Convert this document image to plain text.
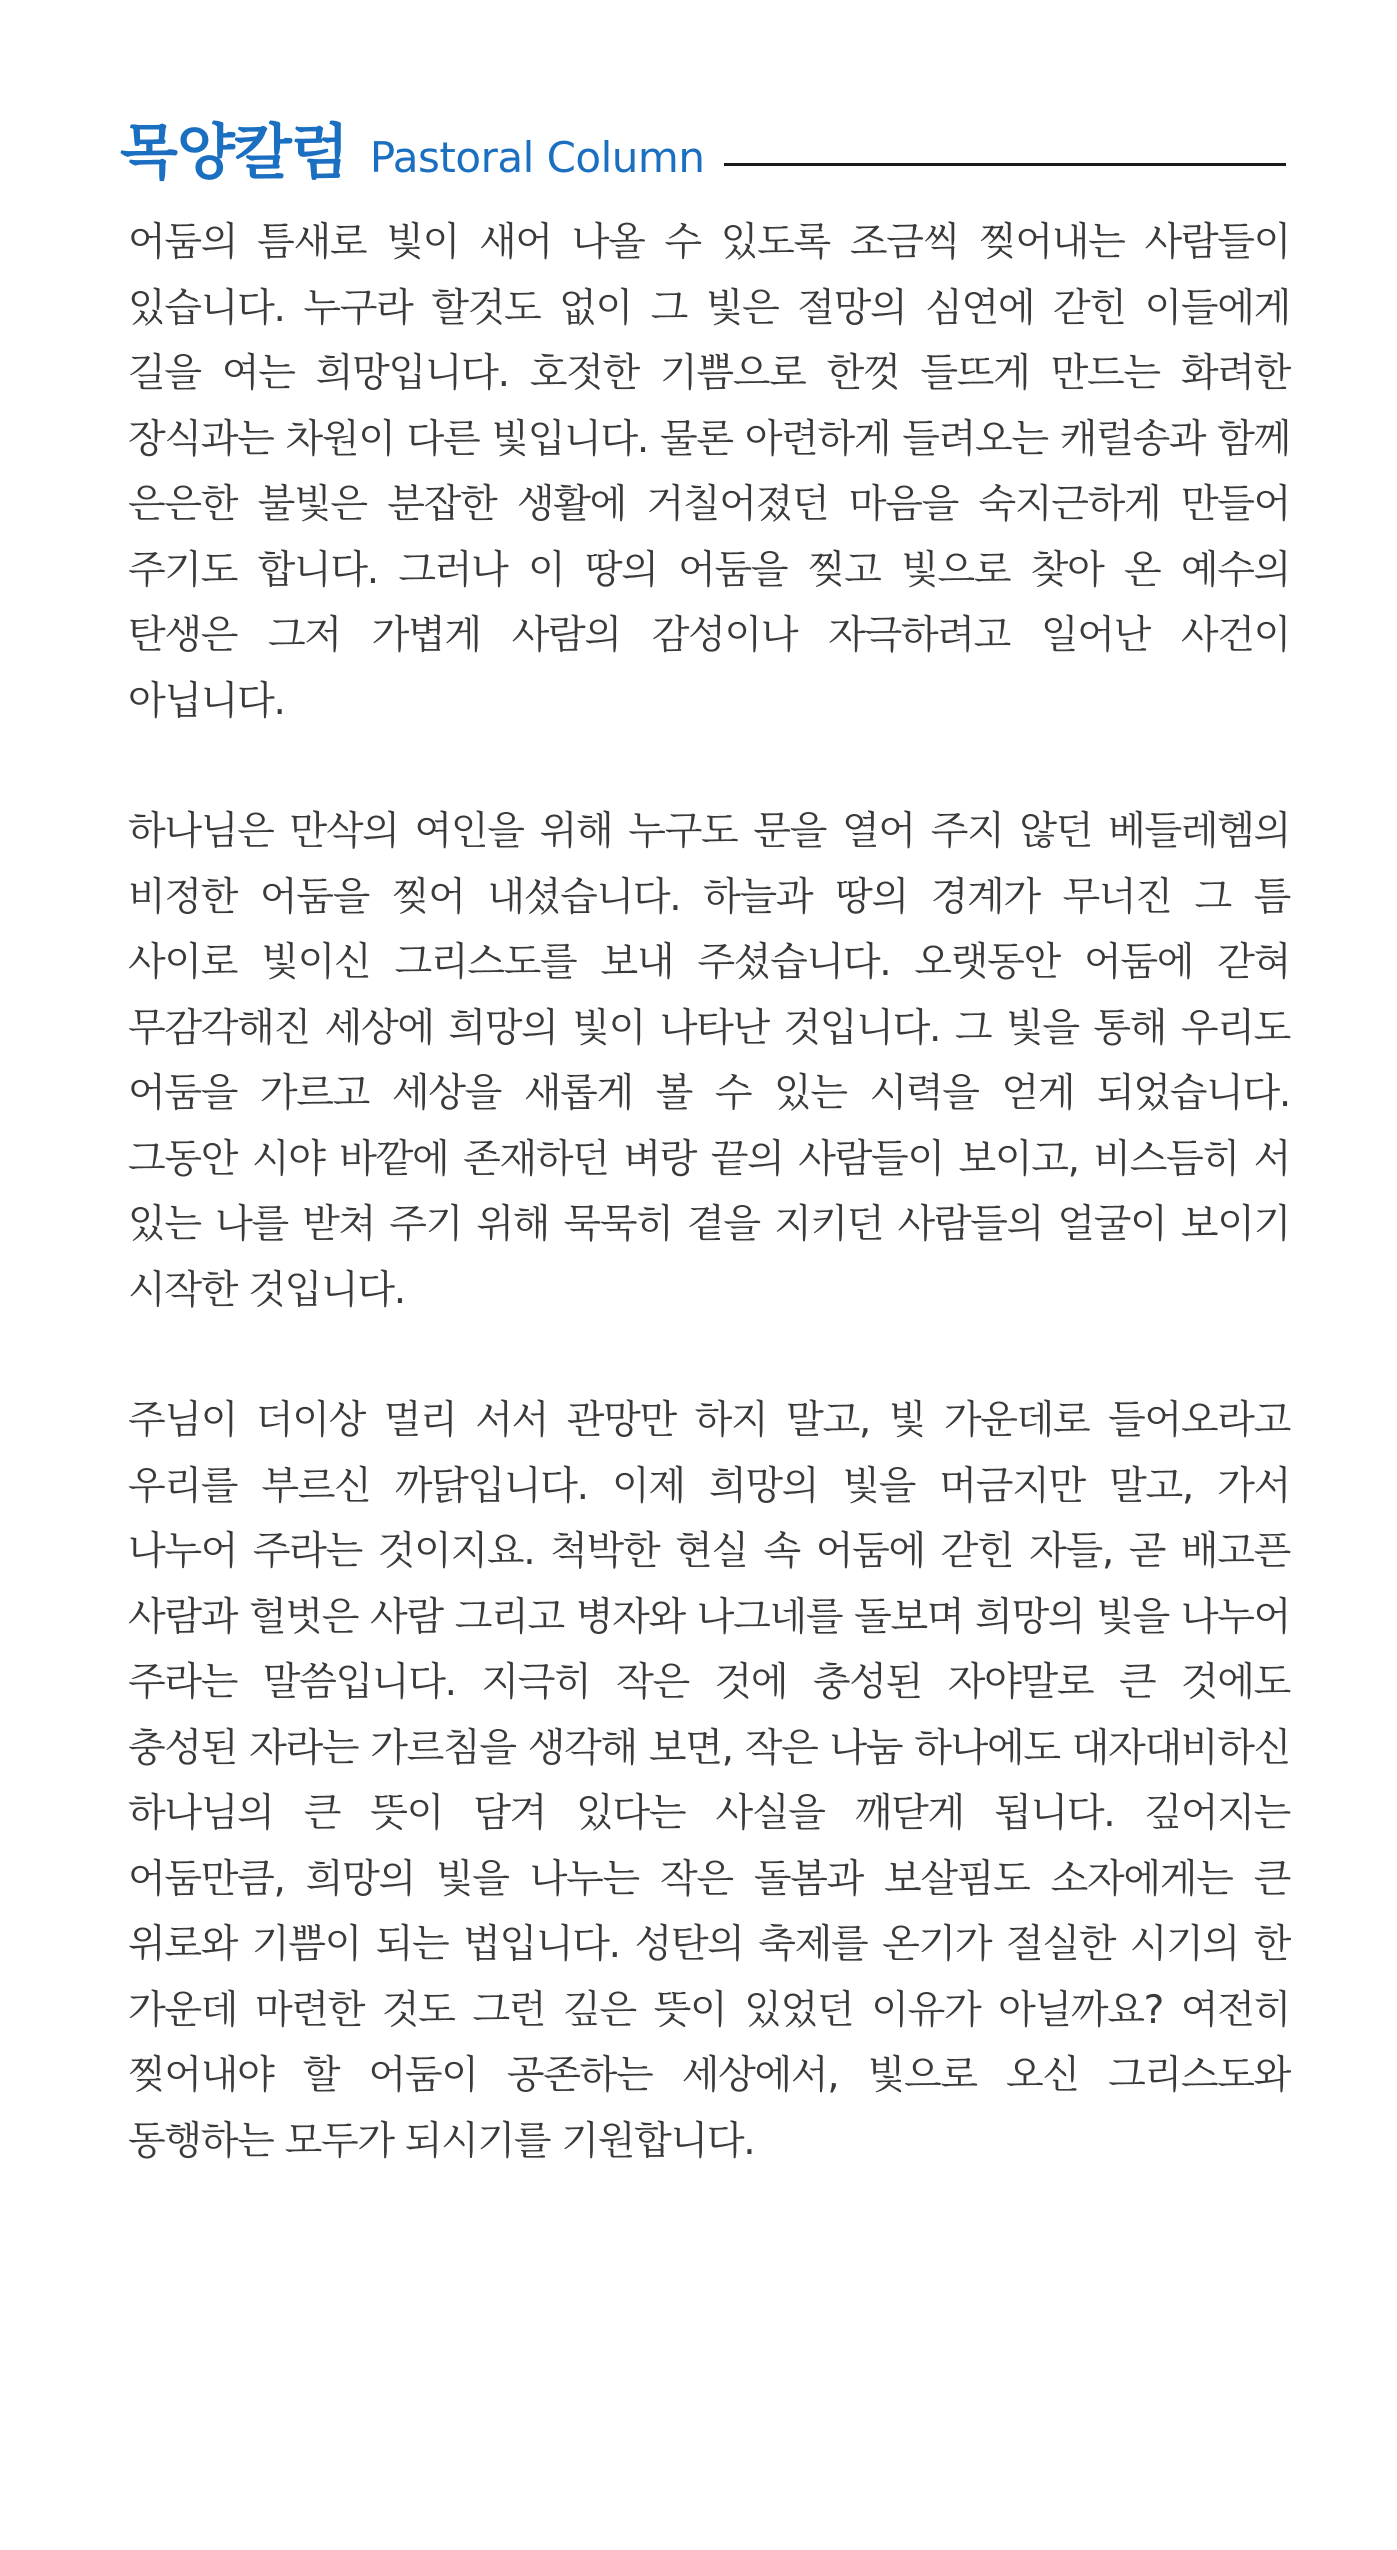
목양칼럼 Pastoral Column

어둠의 틈새로 빛이 새어 나올 수 있도록 조금씩 찢어내는 사람들이 있습니다. 누구라 할것도 없이 그 빛은 절망의 심연에 갇힌 이들에게 길을 여는 희망입니다. 호젓한 기쁨으로 한껏 들뜨게 만드는 화려한 장식과는 차원이 다른 빛입니다. 물론 아련하게 들려오는 캐럴송과 함께 은은한 불빛은 분잡한 생활에 거칠어졌던 마음을 숙지근하게 만들어 주기도 합니다. 그러나 이 땅의 어둠을 찢고 빛으로 찾아 온 예수의 탄생은 그저 가볍게 사람의 감성이나 자극하려고 일어난 사건이 아닙니다.

하나님은 만삭의 여인을 위해 누구도 문을 열어 주지 않던 베들레헴의 비정한 어둠을 찢어 내셨습니다. 하늘과 땅의 경계가 무너진 그 틈 사이로 빛이신 그리스도를 보내 주셨습니다. 오랫동안 어둠에 갇혀 무감각해진 세상에 희망의 빛이 나타난 것입니다. 그 빛을 통해 우리도 어둠을 가르고 세상을 새롭게 볼 수 있는 시력을 얻게 되었습니다. 그동안 시야 바깥에 존재하던 벼랑 끝의 사람들이 보이고, 비스듬히 서 있는 나를 받쳐 주기 위해 묵묵히 곁을 지키던 사람들의 얼굴이 보이기 시작한 것입니다.

주님이 더이상 멀리 서서 관망만 하지 말고, 빛 가운데로 들어오라고 우리를 부르신 까닭입니다. 이제 희망의 빛을 머금지만 말고, 가서 나누어 주라는 것이지요. 척박한 현실 속 어둠에 갇힌 자들, 곧 배고픈 사람과 헐벗은 사람 그리고 병자와 나그네를 돌보며 희망의 빛을 나누어 주라는 말씀입니다. 지극히 작은 것에 충성된 자야말로 큰 것에도 충성된 자라는 가르침을 생각해 보면, 작은 나눔 하나에도 대자대비하신 하나님의 큰 뜻이 담겨 있다는 사실을 깨닫게 됩니다. 깊어지는 어둠만큼, 희망의 빛을 나누는 작은 돌봄과 보살핌도 소자에게는 큰 위로와 기쁨이 되는 법입니다. 성탄의 축제를 온기가 절실한 시기의 한 가운데 마련한 것도 그런 깊은 뜻이 있었던 이유가 아닐까요? 여전히 찢어내야 할 어둠이 공존하는 세상에서, 빛으로 오신 그리스도와 동행하는 모두가 되시기를 기원합니다.
